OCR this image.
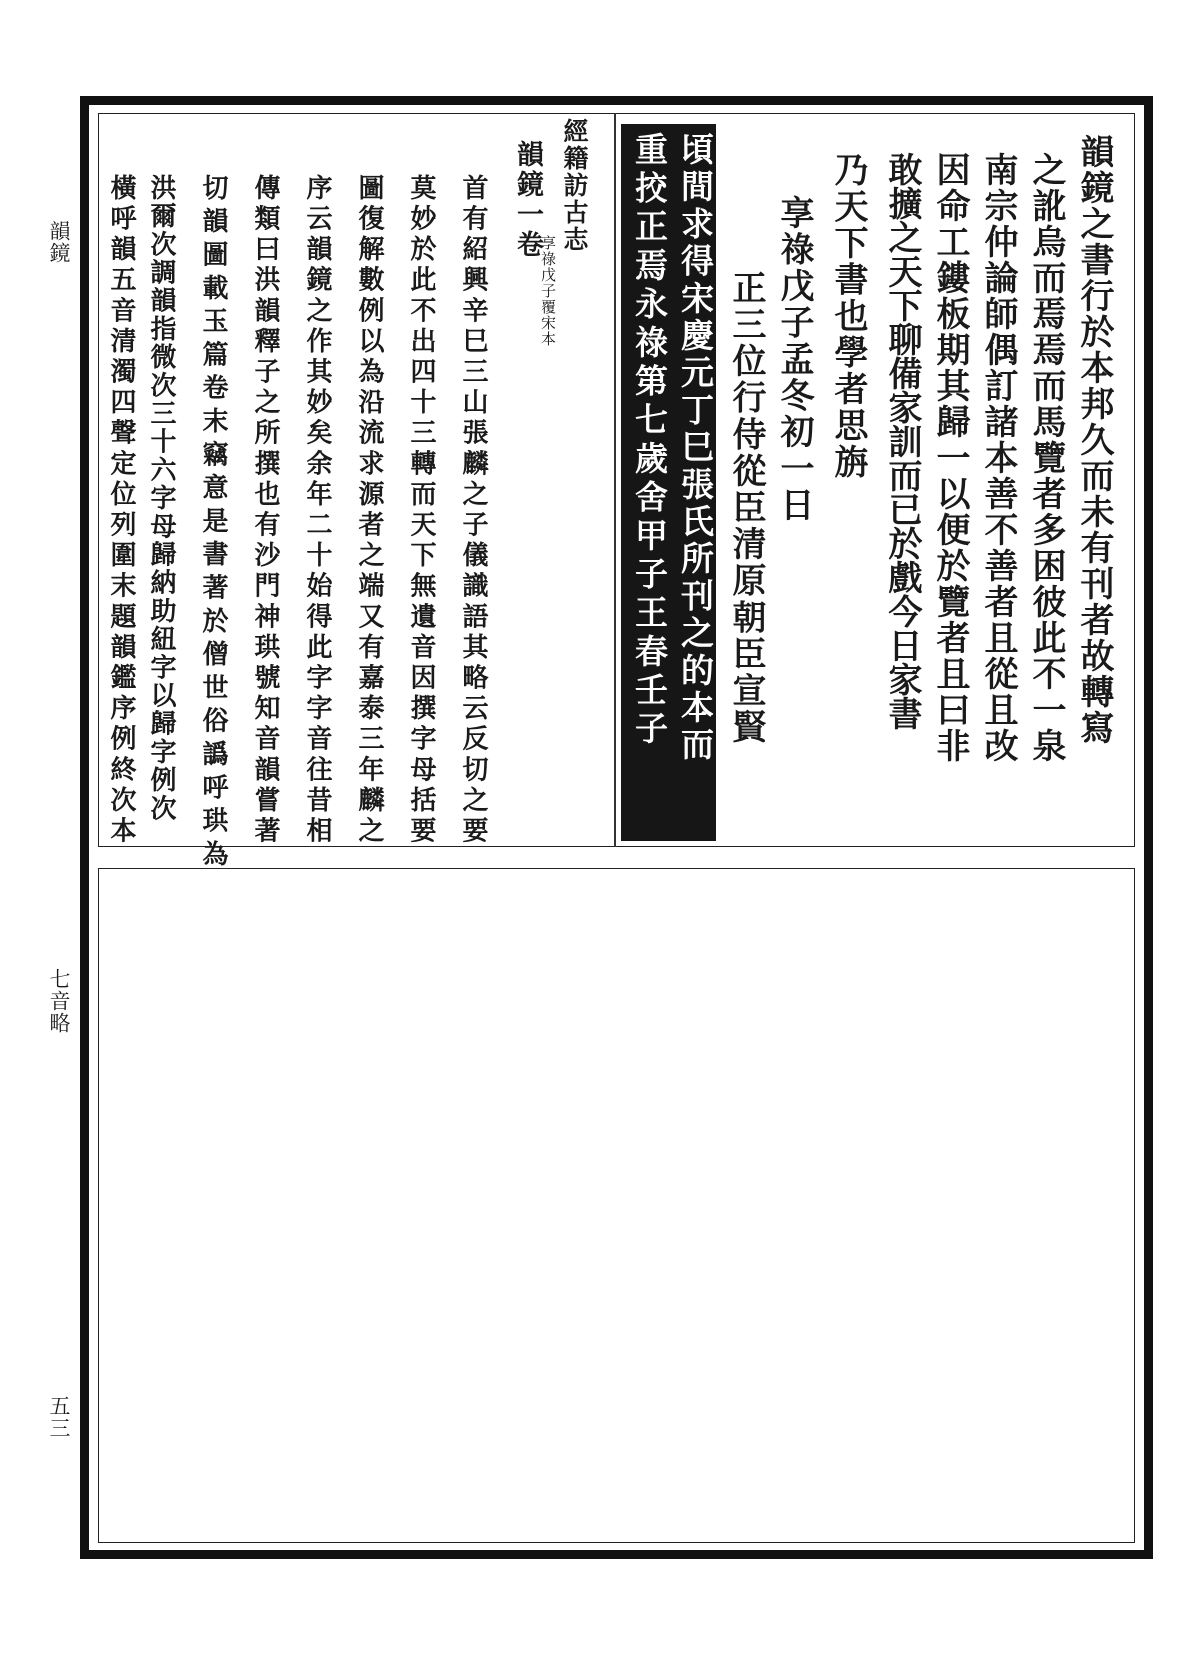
韻鏡
七音略
五三
經籍訪古志
韻鏡一卷
享祿戊子覆宋本
首有紹興辛巳三山張麟之子儀識語其略云反切之要
莫妙於此不出四十三轉而天下無遺音因撰字母括要
圖復解數例以為沿流求源者之端又有嘉泰三年麟之
序云韻鏡之作其妙矣余年二十始得此字字音往昔相
傳類曰洪韻釋子之所撰也有沙門神珙號知音韻嘗著
切韻圖載玉篇卷末竊意是書著於僧世俗譌呼珙為
洪爾次調韻指微次三十六字母歸納助紐字以歸字例次
橫呼韻五音清濁四聲定位列圍末題韻鑑序例終次本	頃間求得宋慶元丁巳張氏所刊之的本而
重挍正焉永祿第七歲舍甲子王春壬子 正三位行侍從臣清原朝臣宣賢 享祿戊子孟冬初一日 乃天下書也學者思旃 敢擴之天下聊備家訓而已於戲今日家書 因命工鏤板期其歸一以便於覽者且曰非 南宗仲論師偶訂諸本善不善者且從且改 之訛烏而焉焉而馬覽者多困彼此不一泉 韻鏡之書行於本邦久而未有刊者故轉寫
